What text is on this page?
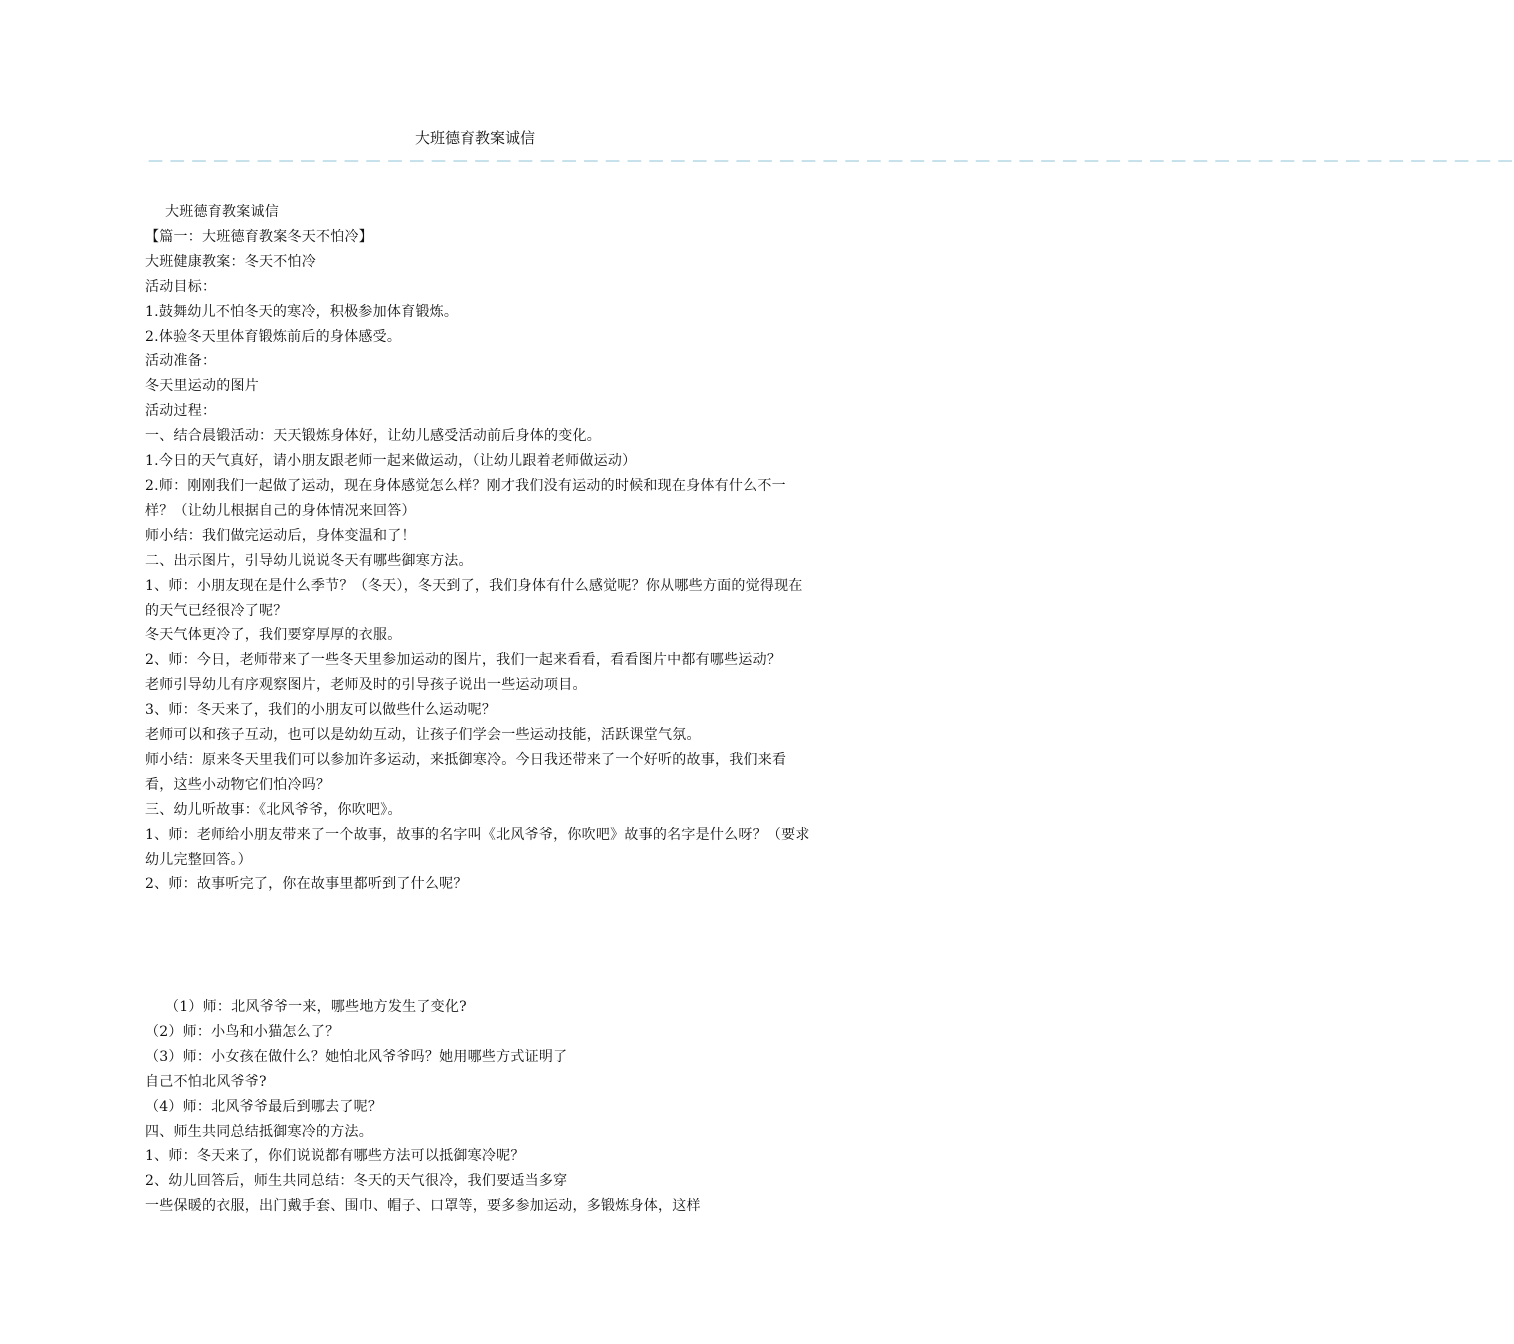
大班德育教案诚信
— — — — — — — — — — — — — — — — — — — — — — — — — — — — — — — — — — — — — — — — — — — — — — — — — — — — — — — — — — — — — — —

大班德育教案诚信

【篇一：大班德育教案冬天不怕冷】

大班健康教案：冬天不怕冷

活动目标：

1.鼓舞幼儿不怕冬天的寒冷，积极参加体育锻炼。

2.体验冬天里体育锻炼前后的身体感受。

活动准备：

冬天里运动的图片

活动过程：

一、结合晨锻活动：天天锻炼身体好，让幼儿感受活动前后身体的变化。

1.今日的天气真好，请小朋友跟老师一起来做运动，（让幼儿跟着老师做运动）

2.师：刚刚我们一起做了运动，现在身体感觉怎么样？刚才我们没有运动的时候和现在身体有什么不一样？（让幼儿根据自己的身体情况来回答）

师小结：我们做完运动后，身体变温和了！

二、出示图片，引导幼儿说说冬天有哪些御寒方法。

1、师：小朋友现在是什么季节？（冬天），冬天到了，我们身体有什么感觉呢？你从哪些方面的觉得现在的天气已经很冷了呢？

冬天气体更冷了，我们要穿厚厚的衣服。

2、师：今日，老师带来了一些冬天里参加运动的图片，我们一起来看看，看看图片中都有哪些运动？

老师引导幼儿有序观察图片，老师及时的引导孩子说出一些运动项目。

3、师：冬天来了，我们的小朋友可以做些什么运动呢？

老师可以和孩子互动，也可以是幼幼互动，让孩子们学会一些运动技能，活跃课堂气氛。

师小结：原来冬天里我们可以参加许多运动，来抵御寒冷。今日我还带来了一个好听的故事，我们来看看，这些小动物它们怕冷吗？

三、幼儿听故事：《北风爷爷，你吹吧》。

1、师：老师给小朋友带来了一个故事，故事的名字叫《北风爷爷，你吹吧》故事的名字是什么呀？（要求幼儿完整回答。）

2、师：故事听完了，你在故事里都听到了什么呢？

（1）师：北风爷爷一来，哪些地方发生了变化?

（2）师：小鸟和小猫怎么了？

（3）师：小女孩在做什么？她怕北风爷爷吗？她用哪些方式证明了

自己不怕北风爷爷?

（4）师：北风爷爷最后到哪去了呢？

四、师生共同总结抵御寒冷的方法。

1、师：冬天来了，你们说说都有哪些方法可以抵御寒冷呢？

2、幼儿回答后，师生共同总结：冬天的天气很冷，我们要适当多穿

一些保暖的衣服，出门戴手套、围巾、帽子、口罩等，要多参加运动，多锻炼身体，这样
